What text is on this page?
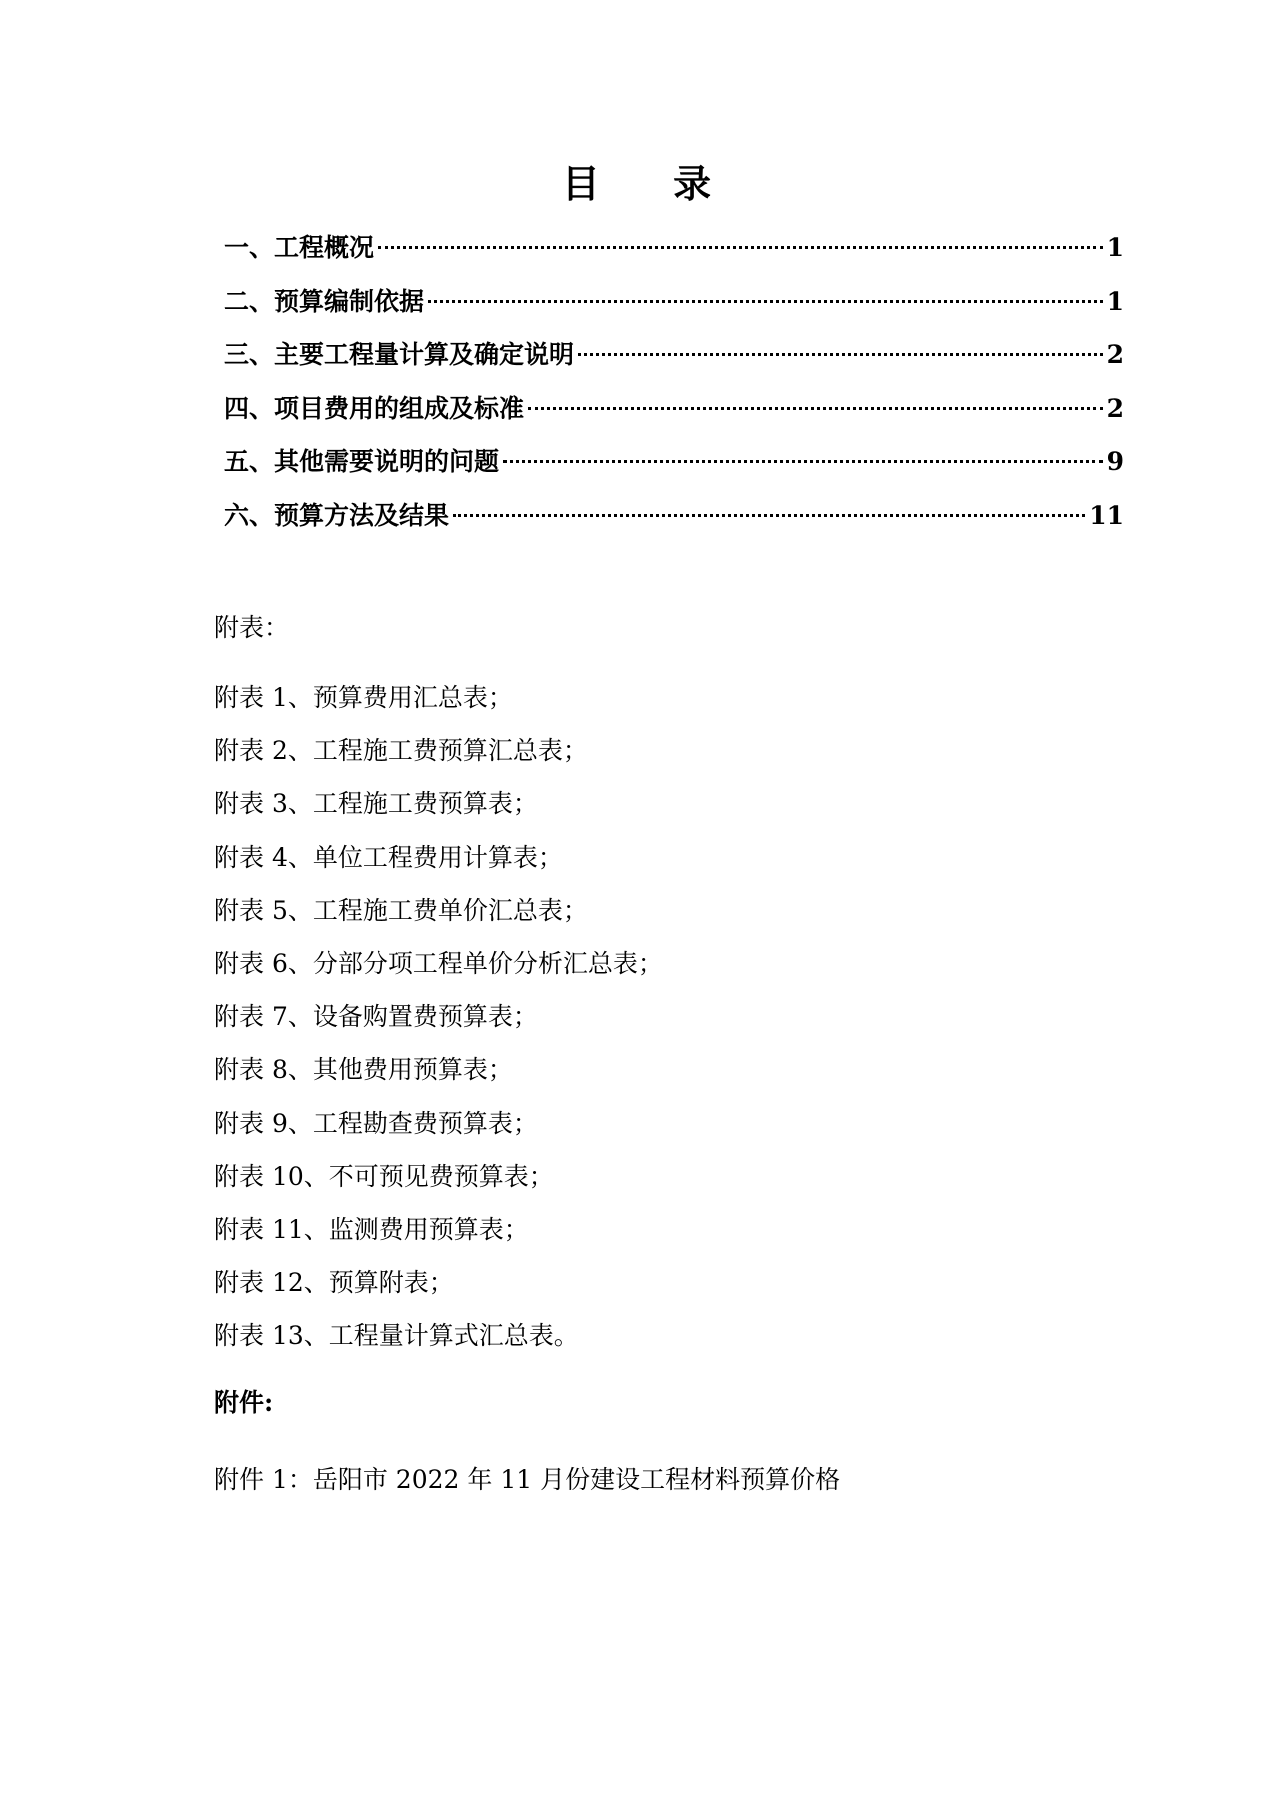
目 录
一、工程概况	1
二、预算编制依据	1
三、主要工程量计算及确定说明	2
四、项目费用的组成及标准	2
五、其他需要说明的问题	9
六、预算方法及结果	11
附表：
附表 1、预算费用汇总表；
附表 2、工程施工费预算汇总表；
附表 3、工程施工费预算表；
附表 4、单位工程费用计算表；
附表 5、工程施工费单价汇总表；
附表 6、分部分项工程单价分析汇总表；
附表 7、设备购置费预算表；
附表 8、其他费用预算表；
附表 9、工程勘查费预算表；
附表 10、不可预见费预算表；
附表 11、监测费用预算表；
附表 12、预算附表；
附表 13、工程量计算式汇总表。
附件:
附件 1：岳阳市 2022 年 11 月份建设工程材料预算价格
